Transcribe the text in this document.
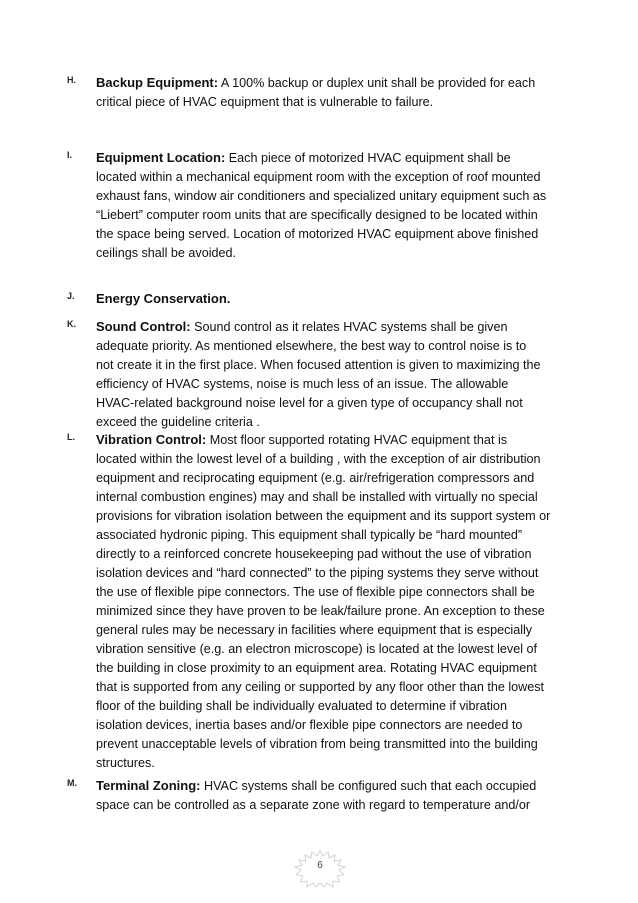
H. Backup Equipment: A 100% backup or duplex unit shall be provided for each
critical piece of HVAC equipment that is vulnerable to failure.
I. Equipment Location: Each piece of motorized HVAC equipment shall be
located within a mechanical equipment room with the exception of roof mounted
exhaust fans, window air conditioners and specialized unitary equipment such as
“Liebert” computer room units that are specifically designed to be located within
the space being served. Location of motorized HVAC equipment above finished
ceilings shall be avoided.
J. Energy Conservation.
K. Sound Control: Sound control as it relates HVAC systems shall be given
adequate priority. As mentioned elsewhere, the best way to control noise is to
not create it in the first place. When focused attention is given to maximizing the
efficiency of HVAC systems, noise is much less of an issue. The allowable
HVAC-related background noise level for a given type of occupancy shall not
exceed the guideline criteria .
L. Vibration Control: Most floor supported rotating HVAC equipment that is
located within the lowest level of a building , with the exception of air distribution
equipment and reciprocating equipment (e.g. air/refrigeration compressors and
internal combustion engines) may and shall be installed with virtually no special
provisions for vibration isolation between the equipment and its support system or
associated hydronic piping. This equipment shall typically be “hard mounted”
directly to a reinforced concrete housekeeping pad without the use of vibration
isolation devices and “hard connected” to the piping systems they serve without
the use of flexible pipe connectors. The use of flexible pipe connectors shall be
minimized since they have proven to be leak/failure prone. An exception to these
general rules may be necessary in facilities where equipment that is especially
vibration sensitive (e.g. an electron microscope) is located at the lowest level of
the building in close proximity to an equipment area. Rotating HVAC equipment
that is supported from any ceiling or supported by any floor other than the lowest
floor of the building shall be individually evaluated to determine if vibration
isolation devices, inertia bases and/or flexible pipe connectors are needed to
prevent unacceptable levels of vibration from being transmitted into the building
structures.
M. Terminal Zoning: HVAC systems shall be configured such that each occupied
space can be controlled as a separate zone with regard to temperature and/or
6
